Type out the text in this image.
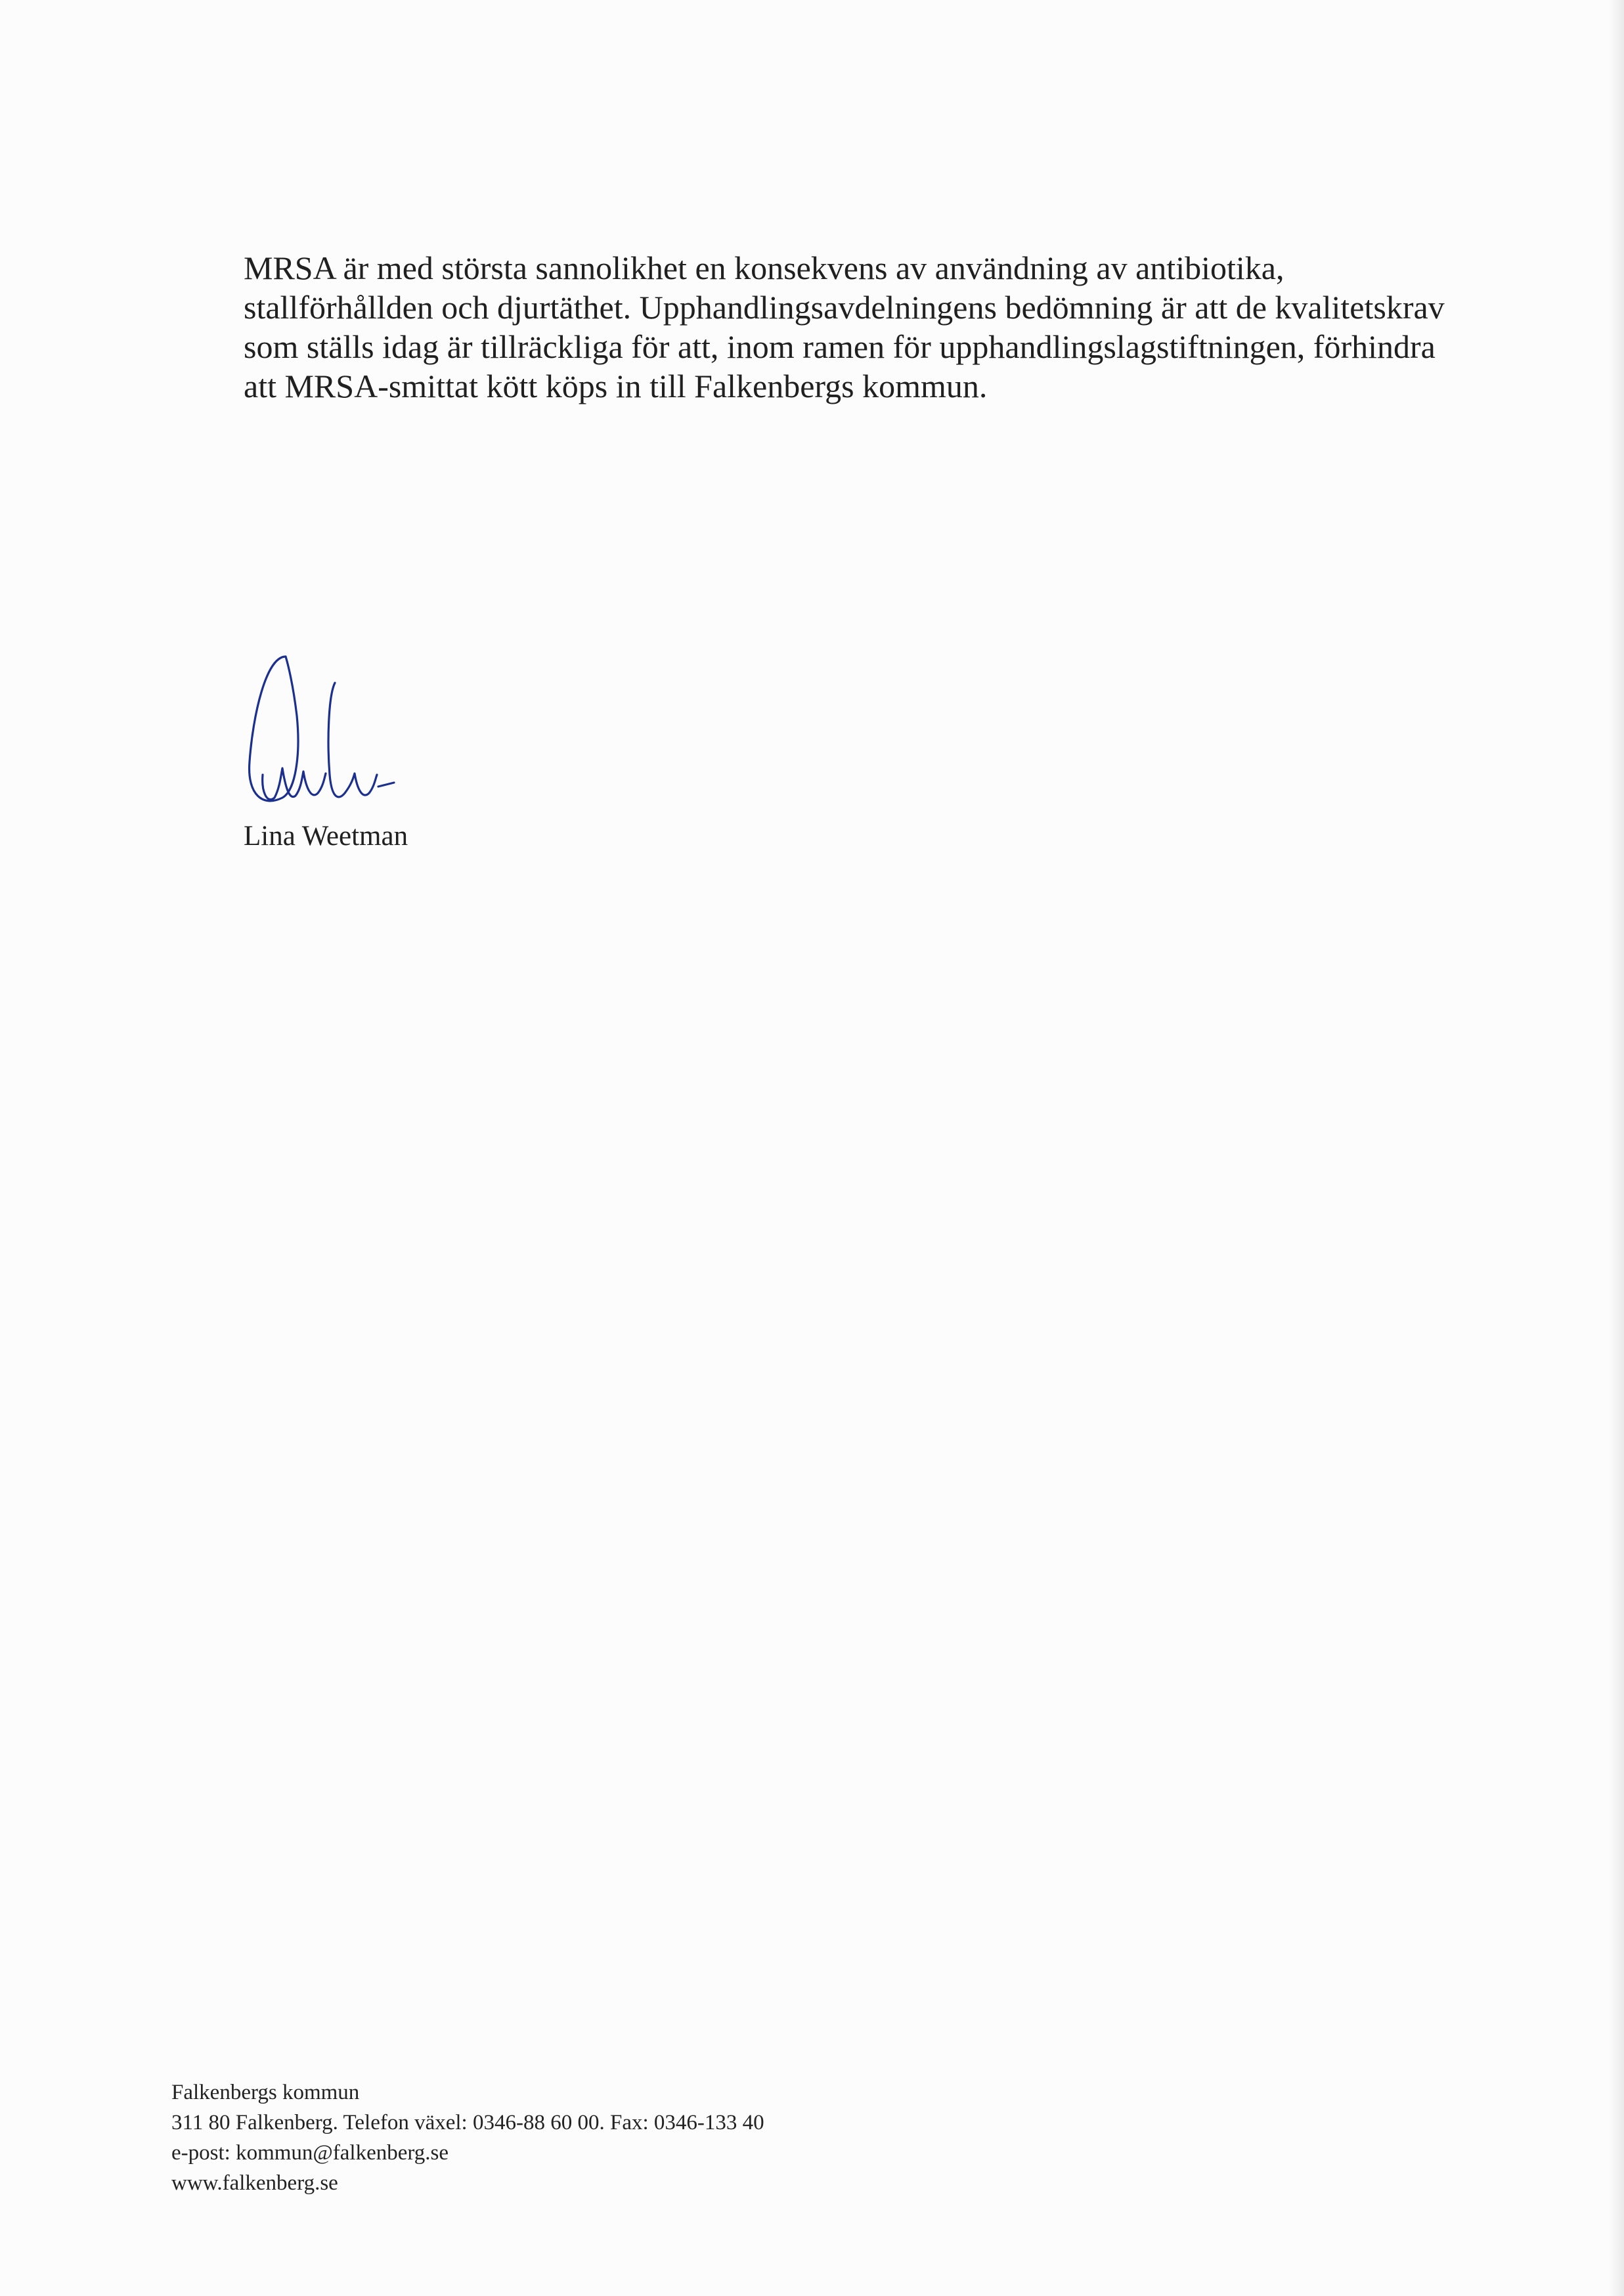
MRSA är med största sannolikhet en konsekvens av användning av antibiotika,
stallförhållden och djurtäthet. Upphandlingsavdelningens bedömning är att de kvalitetskrav
som ställs idag är tillräckliga för att, inom ramen för upphandlingslagstiftningen, förhindra
att MRSA-smittat kött köps in till Falkenbergs kommun.

Lina Weetman

Falkenbergs kommun
311 80 Falkenberg. Telefon växel: 0346-88 60 00. Fax: 0346-133 40
e-post: kommun@falkenberg.se
www.falkenberg.se
